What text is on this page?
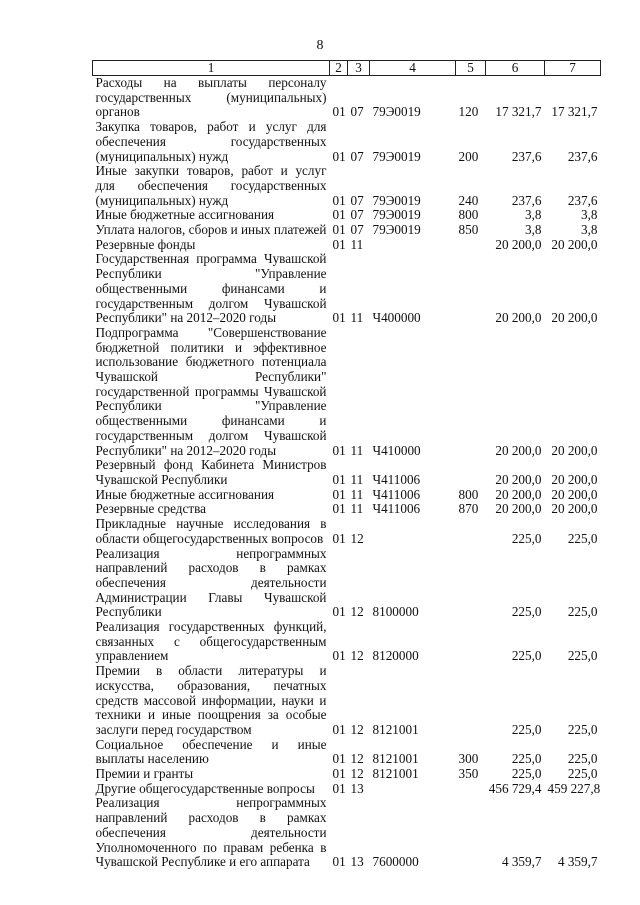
8
1	2	3	4	5	6	7
Расходы на выплаты персоналу государственных (муниципальных) органов	01	07	79Э0019	120	17 321,7	17 321,7
Закупка товаров, работ и услуг для обеспечения государственных (муниципальных) нужд	01	07	79Э0019	200	237,6	237,6
Иные закупки товаров, работ и услуг для обеспечения государственных (муниципальных) нужд	01	07	79Э0019	240	237,6	237,6
Иные бюджетные ассигнования	01	07	79Э0019	800	3,8	3,8
Уплата налогов, сборов и иных платежей	01	07	79Э0019	850	3,8	3,8
Резервные фонды	01	11			20 200,0	20 200,0
Государственная программа Чувашской Республики "Управление общественными финансами и государственным долгом Чувашской Республики" на 2012–2020 годы	01	11	Ч400000		20 200,0	20 200,0
Подпрограмма "Совершенствование бюджетной политики и эффективное использование бюджетного потенциала Чувашской Республики" государственной программы Чувашской Республики "Управление общественными финансами и государственным долгом Чувашской Республики" на 2012–2020 годы	01	11	Ч410000		20 200,0	20 200,0
Резервный фонд Кабинета Министров Чувашской Республики	01	11	Ч411006		20 200,0	20 200,0
Иные бюджетные ассигнования	01	11	Ч411006	800	20 200,0	20 200,0
Резервные средства	01	11	Ч411006	870	20 200,0	20 200,0
Прикладные научные исследования в области общегосударственных вопросов	01	12			225,0	225,0
Реализация непрограммных направлений расходов в рамках обеспечения деятельности Администрации Главы Чувашской Республики	01	12	8100000		225,0	225,0
Реализация государственных функций, связанных с общегосударственным управлением	01	12	8120000		225,0	225,0
Премии в области литературы и искусства, образования, печатных средств массовой информации, науки и техники и иные поощрения за особые заслуги перед государством	01	12	8121001		225,0	225,0
Социальное обеспечение и иные выплаты населению	01	12	8121001	300	225,0	225,0
Премии и гранты	01	12	8121001	350	225,0	225,0
Другие общегосударственные вопросы	01	13			456 729,4	459 227,8
Реализация непрограммных направлений расходов в рамках обеспечения деятельности Уполномоченного по правам ребенка в Чувашской Республике и его аппарата	01	13	7600000		4 359,7	4 359,7
